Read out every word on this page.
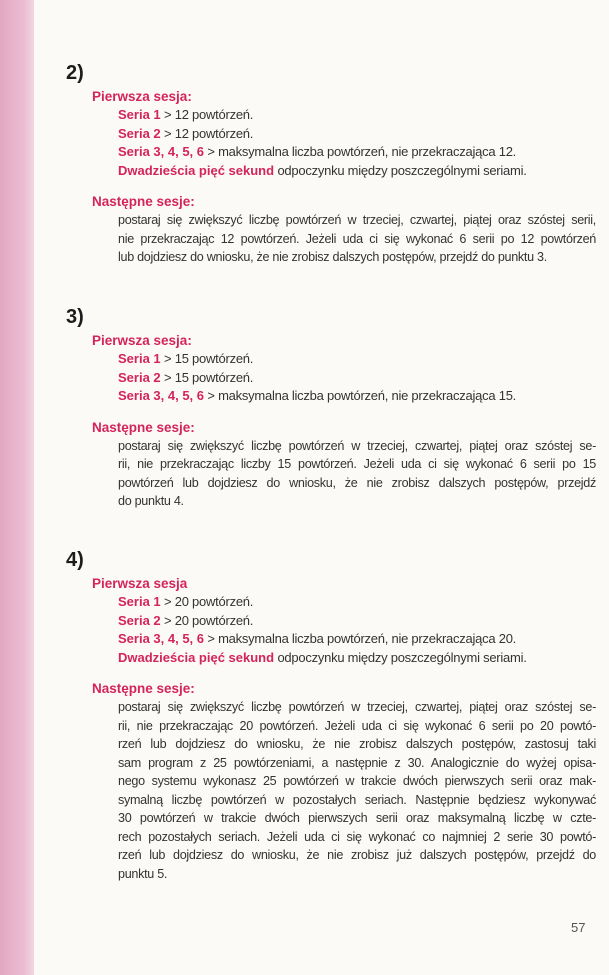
2)
Pierwsza sesja:
Seria 1 > 12 powtórzeń.
Seria 2 > 12 powtórzeń.
Seria 3, 4, 5, 6 > maksymalna liczba powtórzeń, nie przekraczająca 12.
Dwadzieścia pięć sekund odpoczynku między poszczególnymi seriami.
Następne sesje:
postaraj się zwiększyć liczbę powtórzeń w trzeciej, czwartej, piątej oraz szóstej serii,
nie przekraczając 12 powtórzeń. Jeżeli uda ci się wykonać 6 serii po 12 powtórzeń
lub dojdziesz do wniosku, że nie zrobisz dalszych postępów, przejdź do punktu 3.
3)
Pierwsza sesja:
Seria 1 > 15 powtórzeń.
Seria 2 > 15 powtórzeń.
Seria 3, 4, 5, 6 > maksymalna liczba powtórzeń, nie przekraczająca 15.
Następne sesje:
postaraj się zwiększyć liczbę powtórzeń w trzeciej, czwartej, piątej oraz szóstej se-
rii, nie przekraczając liczby 15 powtórzeń. Jeżeli uda ci się wykonać 6 serii po 15
powtórzeń lub dojdziesz do wniosku, że nie zrobisz dalszych postępów, przejdź
do punktu 4.
4)
Pierwsza sesja
Seria 1 > 20 powtórzeń.
Seria 2 > 20 powtórzeń.
Seria 3, 4, 5, 6 > maksymalna liczba powtórzeń, nie przekraczająca 20.
Dwadzieścia pięć sekund odpoczynku między poszczególnymi seriami.
Następne sesje:
postaraj się zwiększyć liczbę powtórzeń w trzeciej, czwartej, piątej oraz szóstej se-
rii, nie przekraczając 20 powtórzeń. Jeżeli uda ci się wykonać 6 serii po 20 powtó-
rzeń lub dojdziesz do wniosku, że nie zrobisz dalszych postępów, zastosuj taki
sam program z 25 powtórzeniami, a następnie z 30. Analogicznie do wyżej opisa-
nego systemu wykonasz 25 powtórzeń w trakcie dwóch pierwszych serii oraz mak-
symalną liczbę powtórzeń w pozostałych seriach. Następnie będziesz wykonywać
30 powtórzeń w trakcie dwóch pierwszych serii oraz maksymalną liczbę w czte-
rech pozostałych seriach. Jeżeli uda ci się wykonać co najmniej 2 serie 30 powtó-
rzeń lub dojdziesz do wniosku, że nie zrobisz już dalszych postępów, przejdź do
punktu 5.
57
